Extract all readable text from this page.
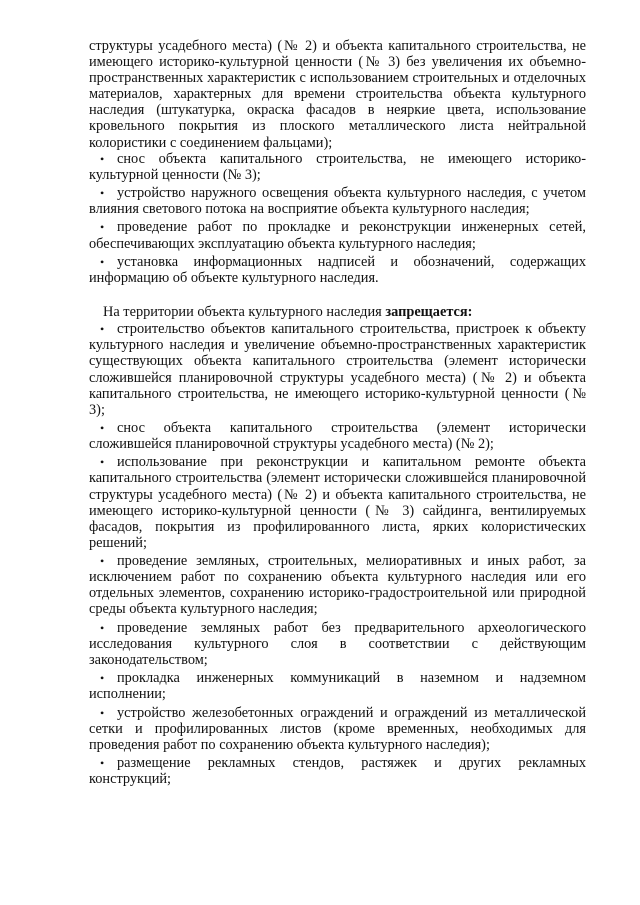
структуры усадебного места) (№ 2) и объекта капитального строительства, не имеющего историко-культурной ценности (№ 3) без увеличения их объемно-пространственных характеристик с использованием строительных и отделочных материалов, характерных для времени строительства объекта культурного наследия (штукатурка, окраска фасадов в неяркие цвета, использование кровельного покрытия из плоского металлического листа нейтральной колористики с соединением фальцами);

• снос объекта капитального строительства, не имеющего историко-культурной ценности (№ 3);

• устройство наружного освещения объекта культурного наследия, с учетом влияния светового потока на восприятие объекта культурного наследия;

• проведение работ по прокладке и реконструкции инженерных сетей, обеспечивающих эксплуатацию объекта культурного наследия;

• установка информационных надписей и обозначений, содержащих информацию об объекте культурного наследия.

На территории объекта культурного наследия запрещается:

• строительство объектов капитального строительства, пристроек к объекту культурного наследия и увеличение объемно-пространственных характеристик существующих объекта капитального строительства (элемент исторически сложившейся планировочной структуры усадебного места) (№ 2) и объекта капитального строительства, не имеющего историко-культурной ценности (№ 3);

• снос объекта капитального строительства (элемент исторически сложившейся планировочной структуры усадебного места) (№ 2);

• использование при реконструкции и капитальном ремонте объекта капитального строительства (элемент исторически сложившейся планировочной структуры усадебного места) (№ 2) и объекта капитального строительства, не имеющего историко-культурной ценности (№ 3) сайдинга, вентилируемых фасадов, покрытия из профилированного листа, ярких колористических решений;

• проведение земляных, строительных, мелиоративных и иных работ, за исключением работ по сохранению объекта культурного наследия или его отдельных элементов, сохранению историко-градостроительной или природной среды объекта культурного наследия;

• проведение земляных работ без предварительного археологического исследования культурного слоя в соответствии с действующим законодательством;

• прокладка инженерных коммуникаций в наземном и надземном исполнении;

• устройство железобетонных ограждений и ограждений из металлической сетки и профилированных листов (кроме временных, необходимых для проведения работ по сохранению объекта культурного наследия);

• размещение рекламных стендов, растяжек и других рекламных конструкций;
